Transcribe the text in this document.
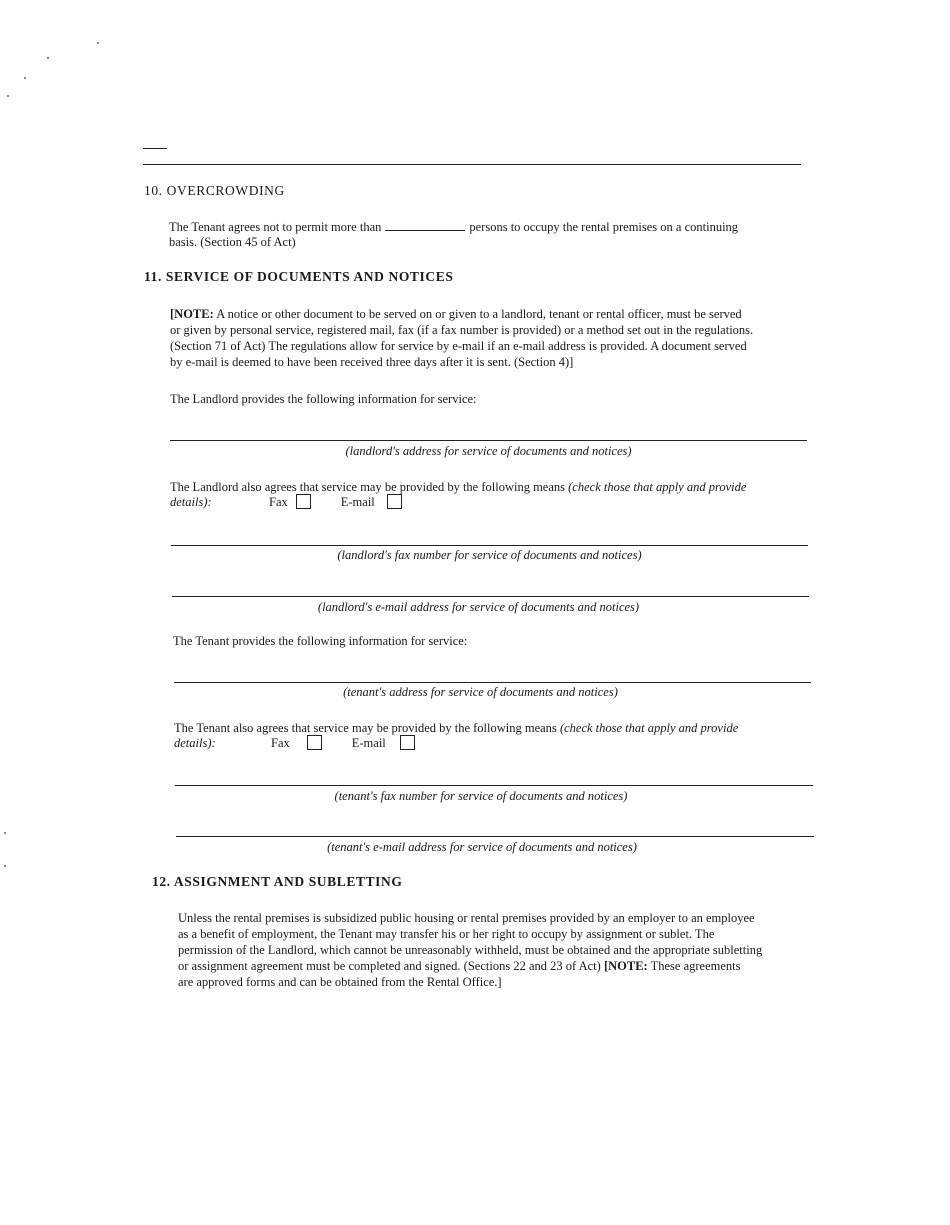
10. OVERCROWDING
The Tenant agrees not to permit more than	persons to occupy the rental premises on a continuing
basis. (Section 45 of Act)
11. SERVICE OF DOCUMENTS AND NOTICES
[NOTE: A notice or other document to be served on or given to a landlord, tenant or rental officer, must be served
or given by personal service, registered mail, fax (if a fax number is provided) or a method set out in the regulations.
(Section 71 of Act) The regulations allow for service by e-mail if an e-mail address is provided. A document served
by e-mail is deemed to have been received three days after it is sent. (Section 4)]
The Landlord provides the following information for service:
(landlord's address for service of documents and notices)
The Landlord also agrees that service may be provided by the following means (check those that apply and provide
details):	Fax	E-mail
(landlord's fax number for service of documents and notices)
(landlord's e-mail address for service of documents and notices)
The Tenant provides the following information for service:
(tenant's address for service of documents and notices)
The Tenant also agrees that service may be provided by the following means (check those that apply and provide
details):	Fax	E-mail
(tenant's fax number for service of documents and notices)
(tenant's e-mail address for service of documents and notices)
12. ASSIGNMENT AND SUBLETTING
Unless the rental premises is subsidized public housing or rental premises provided by an employer to an employee
as a benefit of employment, the Tenant may transfer his or her right to occupy by assignment or sublet. The
permission of the Landlord, which cannot be unreasonably withheld, must be obtained and the appropriate subletting
or assignment agreement must be completed and signed. (Sections 22 and 23 of Act) [NOTE: These agreements
are approved forms and can be obtained from the Rental Office.]
